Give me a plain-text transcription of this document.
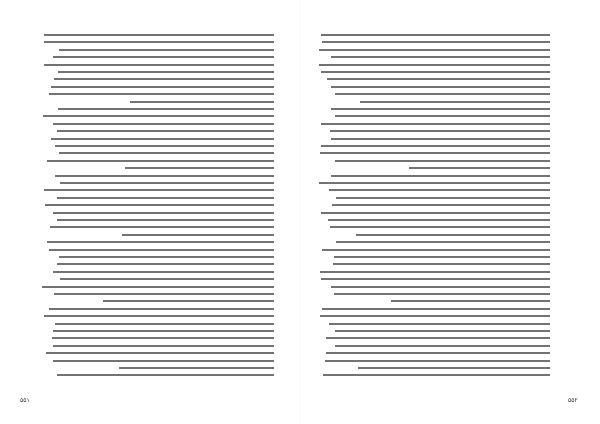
۵۵۱	۵۵۲
